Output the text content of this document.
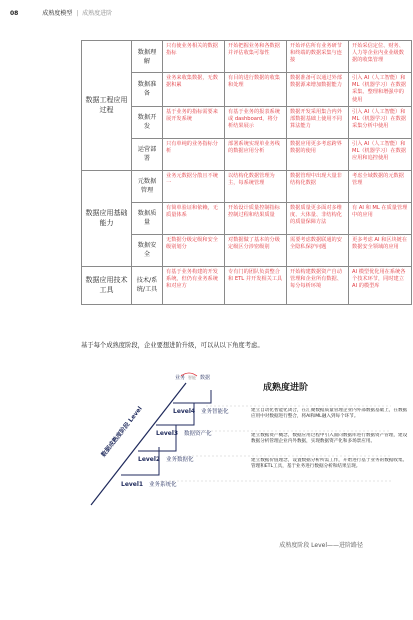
08	成熟度模型 | 成熟度进阶
数据工程应用过程	数据理解	只有使业务相关的数据指标	开始把握业务和各数据并评估收集可靠性	开始评估所有业务研节和终端的数据采集与连接	开始采信定位、财务、人力等企业内业业级数据的收集管理
	数据准备	业务来收集数据，无数据积累	有目的进行数据的收集和处理	数据准备可以通过外部数据源来增加数据能力	引入 AI（人工智能）和 ML（机器学习）在数据采集、整理和增强中的使用
	数据开发	基于业务的指标需要来展开发系统	有基于业务的报表系统或 dashboard，将分析结果展示	数据开发采用集合内外部数据基础上使用不同算法能力	引入 AI（人工智能）和 ML（机器学习）在数据采集分析中使用
	运营部署	只有单纯的业务指标分析	部署系统实现单业务线的数据应用分析	数据应用更多考虑跨界数据的使用	引入 AI（人工智能）和 ML（机器学习）在数据应用和追控使用
数据应用基础能力	元数据管理	业务元数据分散且不统一	以结构化数据管理为主，每系统管理	数据管理中出现大量非结构化数据	考虑全域数据的元数据管理
	数据质量	有简单验证和依赖，无质量体系	开始设计质量控制指标控制过程和结果质量	数据质量更多面对多维度、大体量、非结构化的质量保障方法	有 AI 和 ML 在质量管理中的应用
	数据安全	无数据分级定级和安全级别划分	对数据做了基本的分级定级区分涉密级别	需要考虑数据联通的安全隐私保护问题	更多考虑 AI 和区块链在数据安全领域的应用
数据应用技术工具	技术/系统/工具	有基于业务构建的开发系统，但仍有业务系统和对应方	专有门的团队负责整合和 ETL 并开发相关工具	开始构建数据资产自动管理和企业所有数据、每分每析环境	AI 模型优化用在系统各个技术环节，同时建立 AI 的模型库
基于每个成熟度阶段，企业要想进阶升级，可以从以下角度考虑。
数据成熟度阶段 Level
业务 智能 数据
Level1 业务系统化
Level2 业务数据化
Level3 数据资产化
Level4 业务智能化
成熟度进阶
建立自动化智能化闭合，在汇聚数据质量管理企业内外部数据基础上，在数据应用中对数据进行整合，将AI和ML融入到每个环节。
建立数据资产概念，数据应用过程中引入面向数据库进行数据资产管理，建设数据分析管理企业内外数据，实现数据资产化和多场景应用。
建立数据价值理念，设置数据分析所需工作，开始进行基于业务的数据收集、管理和ETL工具，基于业务进行数据分析和结果呈现。
成熟度阶段 Level——进阶路径
